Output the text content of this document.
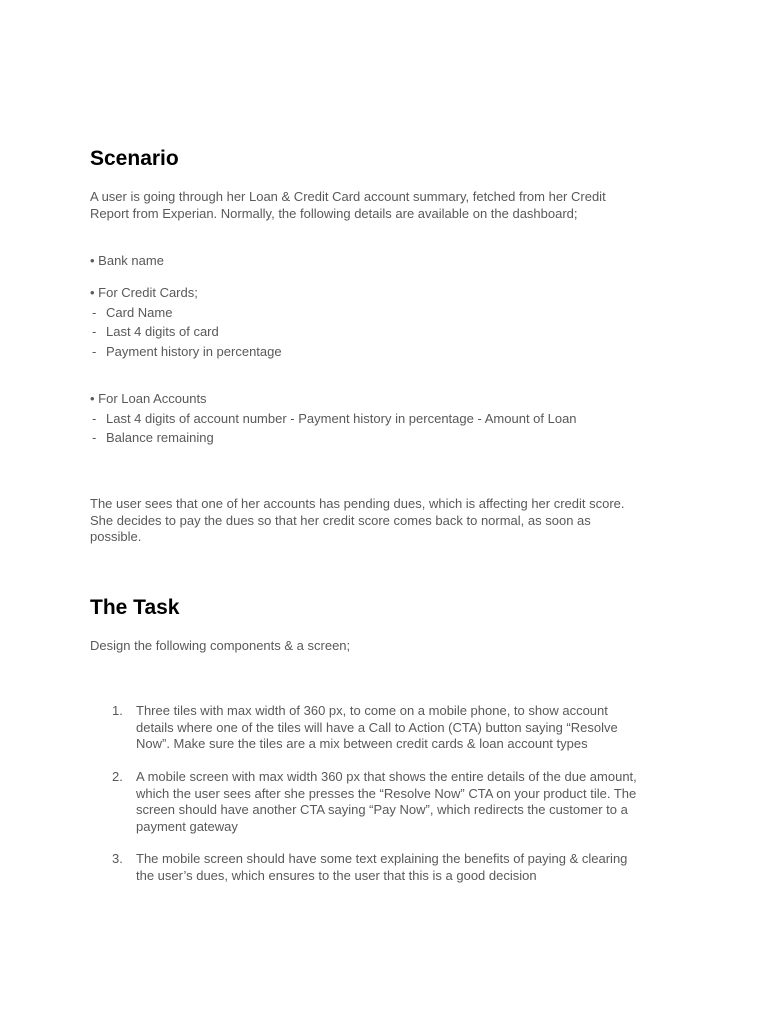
Scenario
A user is going through her Loan & Credit Card account summary, fetched from her Credit
Report from Experian. Normally, the following details are available on the dashboard;
• Bank name
• For Credit Cards;
- Card Name
- Last 4 digits of card
- Payment history in percentage
• For Loan Accounts
- Last 4 digits of account number - Payment history in percentage - Amount of Loan
- Balance remaining
The user sees that one of her accounts has pending dues, which is affecting her credit score.
She decides to pay the dues so that her credit score comes back to normal, as soon as
possible.
The Task
Design the following components & a screen;
1.	Three tiles with max width of 360 px, to come on a mobile phone, to show account
details where one of the tiles will have a Call to Action (CTA) button saying “Resolve
Now”. Make sure the tiles are a mix between credit cards & loan account types
2.	A mobile screen with max width 360 px that shows the entire details of the due amount,
which the user sees after she presses the “Resolve Now” CTA on your product tile. The
screen should have another CTA saying “Pay Now”, which redirects the customer to a
payment gateway
3.	The mobile screen should have some text explaining the benefits of paying & clearing
the user’s dues, which ensures to the user that this is a good decision
